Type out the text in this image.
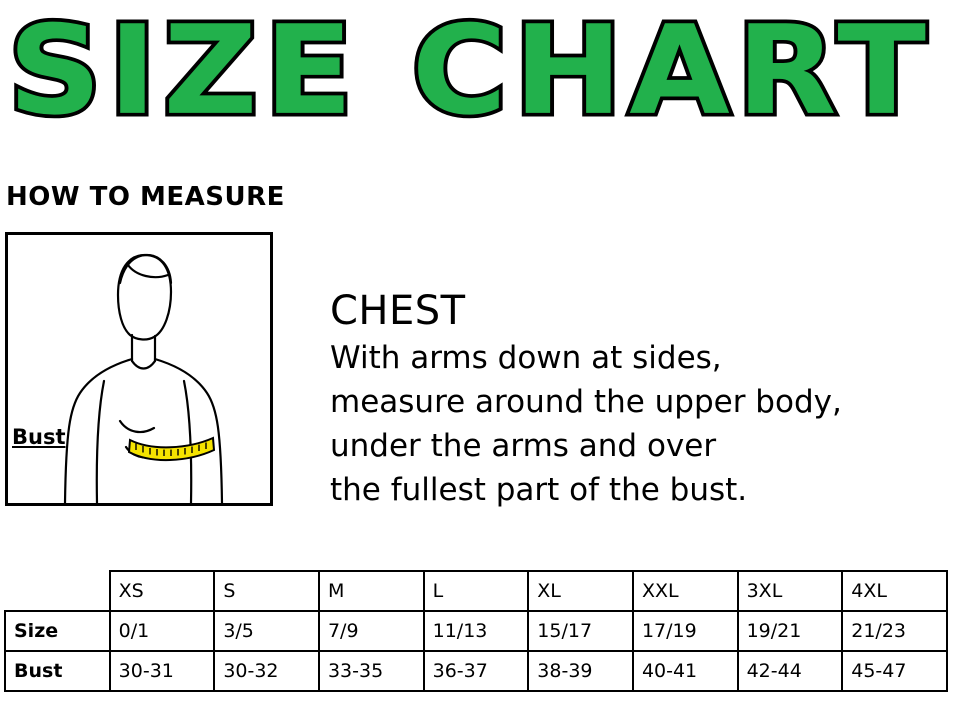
SIZE CHART
HOW TO MEASURE
Bust
CHEST
With arms down at sides,
measure around the upper body,
under the arms and over
the fullest part of the bust.
	XS	S	M	L	XL	XXL	3XL	4XL
Size	0/1	3/5	7/9	11/13	15/17	17/19	19/21	21/23
Bust	30-31	30-32	33-35	36-37	38-39	40-41	42-44	45-47
